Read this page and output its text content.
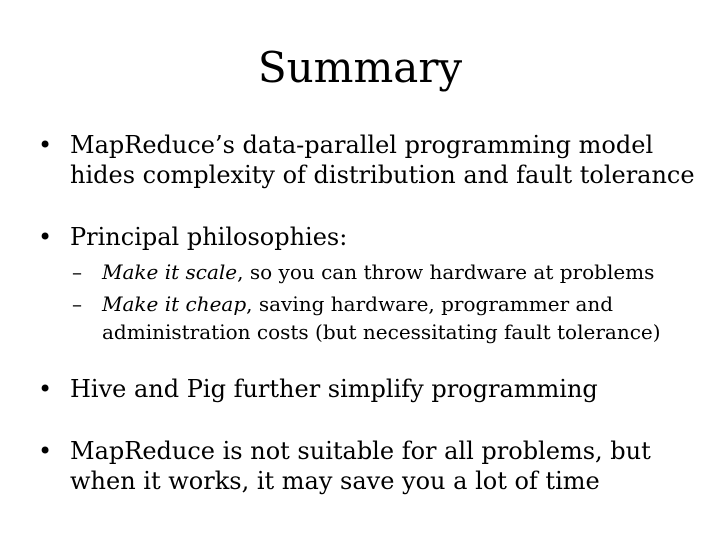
Summary
• MapReduce’s data-parallel programming model hides complexity of distribution and fault tolerance
• Principal philosophies:
–	Make it scale, so you can throw hardware at problems
–	Make it cheap, saving hardware, programmer and administration costs (but necessitating fault tolerance)
• Hive and Pig further simplify programming
• MapReduce is not suitable for all problems, but when it works, it may save you a lot of time
